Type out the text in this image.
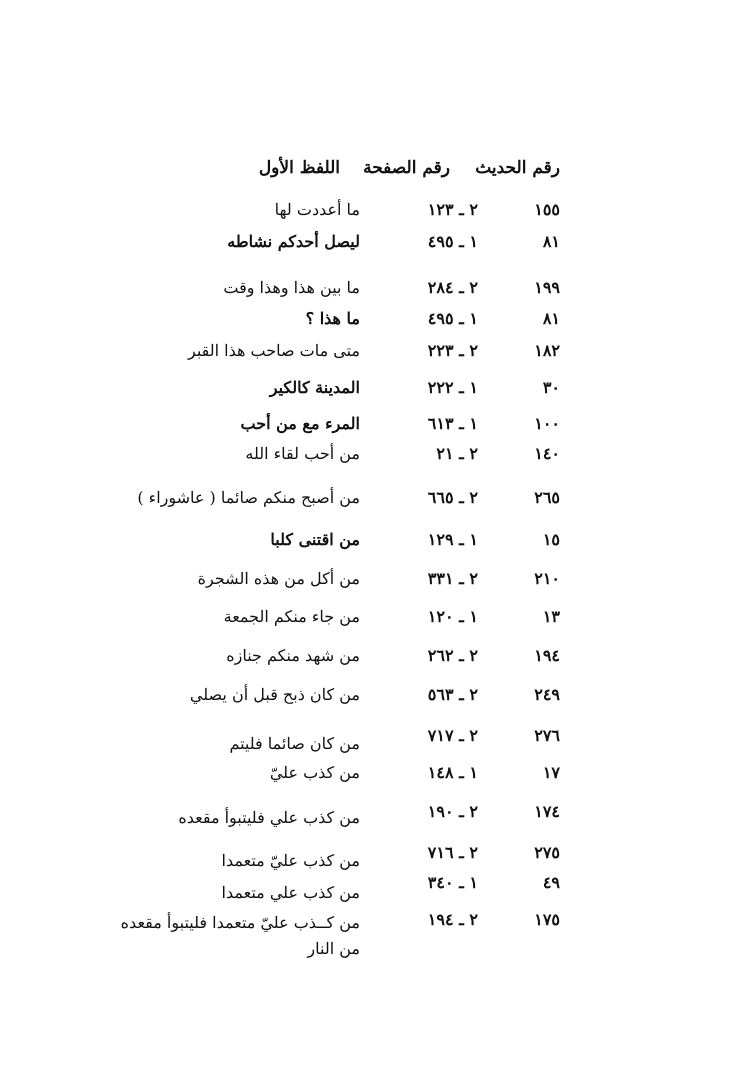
رقم الحديث
رقم الصفحة
اللفظ الأول
١٥٥
٢ ـ ١٢٣
ما أعددت لها
٨١
١ ـ ٤٩٥
ليصل أحدكم نشاطه
١٩٩
٢ ـ ٢٨٤
ما بين هذا وهذا وقت
٨١
١ ـ ٤٩٥
ما هذا ؟
١٨٢
٢ ـ ٢٢٣
متى مات صاحب هذا القبر
٣٠
١ ـ ٢٢٢
المدينة كالكير
١٠٠
١ ـ ٦١٣
المرء مع من أحب
١٤٠
٢ ـ ٢١
من أحب لقاء الله
٢٦٥
٢ ـ ٦٦٥
من أصبح منكم صائما ( عاشوراء )
١٥
١ ـ ١٢٩
من اقتنى كلبا
٢١٠
٢ ـ ٣٣١
من أكل من هذه الشجرة
١٣
١ ـ ١٢٠
من جاء منكم الجمعة
١٩٤
٢ ـ ٢٦٢
من شهد منكم جنازه
٢٤٩
٢ ـ ٥٦٣
من كان ذبح قبل أن يصلي
٢٧٦
٢ ـ ٧١٧
من كان صائما فليتم
١٧
١ ـ ١٤٨
من كذب عليّ
١٧٤
٢ ـ ١٩٠
من كذب علي فليتبوأ مقعده
٢٧٥
٢ ـ ٧١٦
من كذب عليّ متعمدا
٤٩
١ ـ ٣٤٠
من كذب علي متعمدا
١٧٥
٢ ـ ١٩٤
من كــذب عليّ متعمدا فليتبوأ مقعده من النار
